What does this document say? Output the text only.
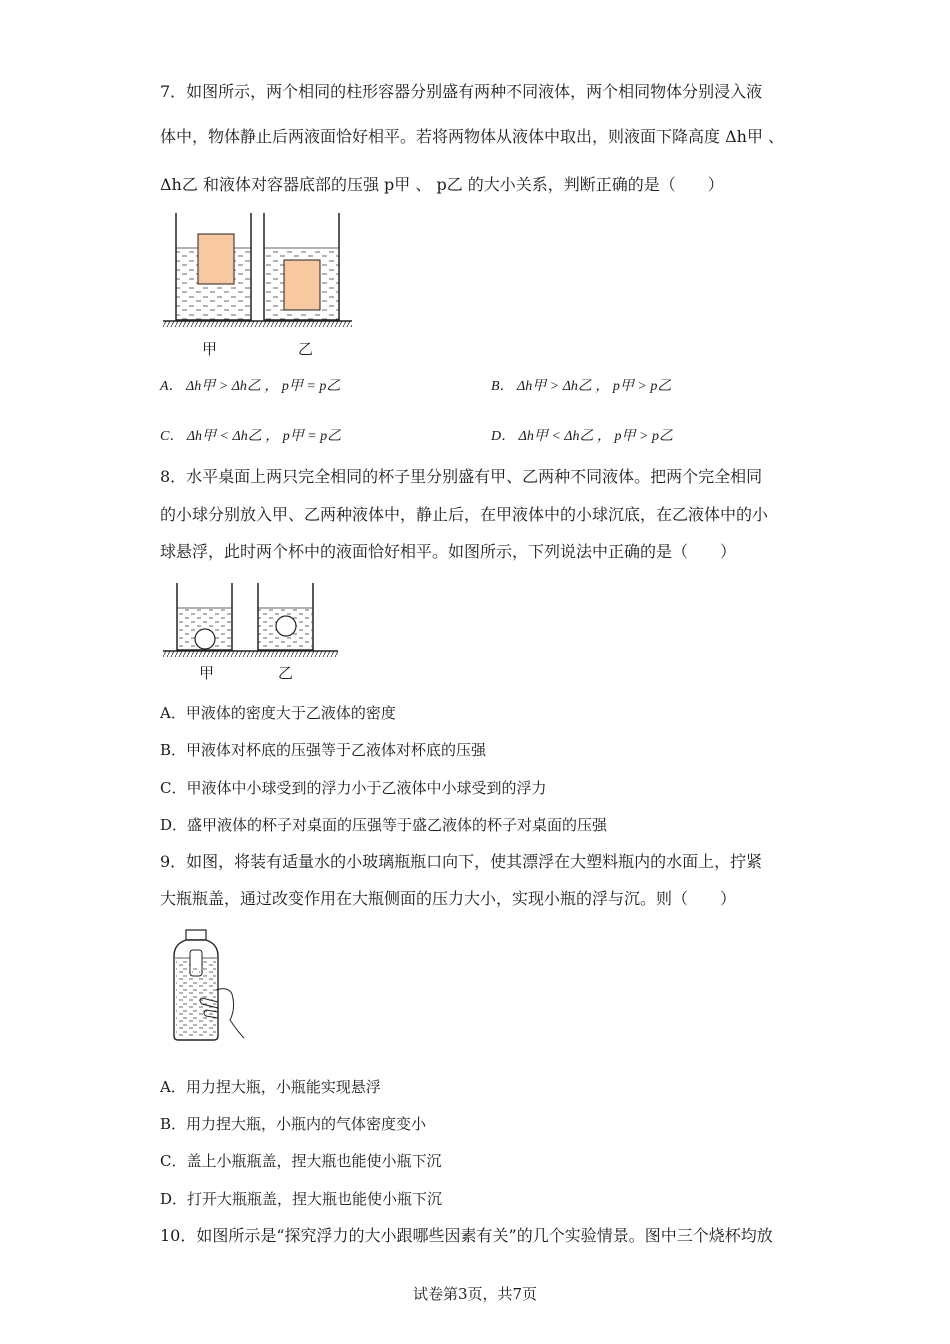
7．如图所示，两个相同的柱形容器分别盛有两种不同液体，两个相同物体分别浸入液
体中，物体静止后两液面恰好相平。若将两物体从液体中取出，则液面下降高度 Δh甲 、
Δh乙 和液体对容器底部的压强 p甲 、 p乙 的大小关系，判断正确的是（　　）
甲	乙
A． Δh甲 > Δh乙 ， p甲 = p乙	B． Δh甲 > Δh乙 ， p甲 > p乙
C． Δh甲 < Δh乙 ， p甲 = p乙	D． Δh甲 < Δh乙 ， p甲 > p乙
8．水平桌面上两只完全相同的杯子里分别盛有甲、乙两种不同液体。把两个完全相同
的小球分别放入甲、乙两种液体中，静止后，在甲液体中的小球沉底，在乙液体中的小
球悬浮，此时两个杯中的液面恰好相平。如图所示，下列说法中正确的是（　　）
甲	乙
A．甲液体的密度大于乙液体的密度
B．甲液体对杯底的压强等于乙液体对杯底的压强
C．甲液体中小球受到的浮力小于乙液体中小球受到的浮力
D．盛甲液体的杯子对桌面的压强等于盛乙液体的杯子对桌面的压强
9．如图，将装有适量水的小玻璃瓶瓶口向下，使其漂浮在大塑料瓶内的水面上，拧紧
大瓶瓶盖，通过改变作用在大瓶侧面的压力大小，实现小瓶的浮与沉。则（　　）
A．用力捏大瓶，小瓶能实现悬浮
B．用力捏大瓶，小瓶内的气体密度变小
C．盖上小瓶瓶盖，捏大瓶也能使小瓶下沉
D．打开大瓶瓶盖，捏大瓶也能使小瓶下沉
10．如图所示是“探究浮力的大小跟哪些因素有关”的几个实验情景。图中三个烧杯均放
试卷第3页，共7页
